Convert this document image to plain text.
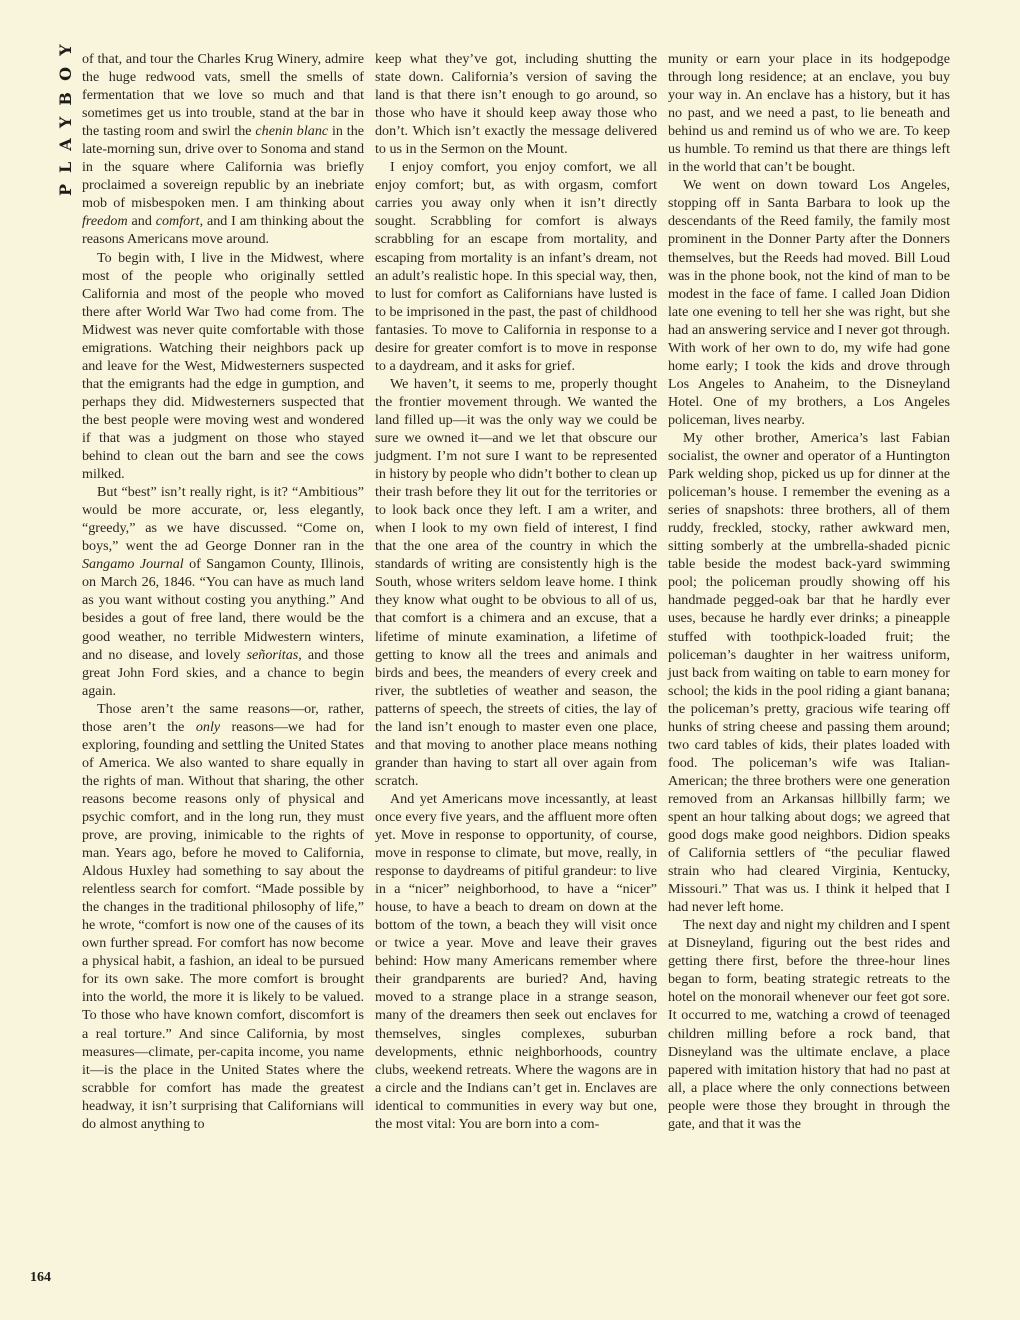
PLAYBOY of that, and tour the Charles Krug Winery, admire the huge redwood vats, smell the smells of fermentation that we love so much and that sometimes get us into trouble, stand at the bar in the tasting room and swirl the chenin blanc in the late-morning sun, drive over to Sonoma and stand in the square where California was briefly proclaimed a sovereign republic by an inebriate mob of misbespoken men. I am thinking about freedom and comfort, and I am thinking about the reasons Americans move around.

To begin with, I live in the Midwest, where most of the people who originally settled California and most of the people who moved there after World War Two had come from. The Midwest was never quite comfortable with those emigrations. Watching their neighbors pack up and leave for the West, Midwesterners suspected that the emigrants had the edge in gumption, and perhaps they did. Midwesterners suspected that the best people were moving west and wondered if that was a judgment on those who stayed behind to clean out the barn and see the cows milked.

But “best” isn’t really right, is it? “Ambitious” would be more accurate, or, less elegantly, “greedy,” as we have discussed. “Come on, boys,” went the ad George Donner ran in the Sangamo Journal of Sangamon County, Illinois, on March 26, 1846. “You can have as much land as you want without costing you anything.” And besides a gout of free land, there would be the good weather, no terrible Midwestern winters, and no disease, and lovely señoritas, and those great John Ford skies, and a chance to begin again.

Those aren’t the same reasons—or, rather, those aren’t the only reasons—we had for exploring, founding and settling the United States of America. We also wanted to share equally in the rights of man. Without that sharing, the other reasons become reasons only of physical and psychic comfort, and in the long run, they must prove, are proving, inimicable to the rights of man. Years ago, before he moved to California, Aldous Huxley had something to say about the relentless search for comfort. “Made possible by the changes in the traditional philosophy of life,” he wrote, “comfort is now one of the causes of its own further spread. For comfort has now become a physical habit, a fashion, an ideal to be pursued for its own sake. The more comfort is brought into the world, the more it is likely to be valued. To those who have known comfort, discomfort is a real torture.” And since California, by most measures—climate, per-capita income, you name it—is the place in the United States where the scrabble for comfort has made the greatest headway, it isn’t surprising that Californians will do almost anything to

keep what they’ve got, including shutting the state down. California’s version of saving the land is that there isn’t enough to go around, so those who have it should keep away those who don’t. Which isn’t exactly the message delivered to us in the Sermon on the Mount.

I enjoy comfort, you enjoy comfort, we all enjoy comfort; but, as with orgasm, comfort carries you away only when it isn’t directly sought. Scrabbling for comfort is always scrabbling for an escape from mortality, and escaping from mortality is an infant’s dream, not an adult’s realistic hope. In this special way, then, to lust for comfort as Californians have lusted is to be imprisoned in the past, the past of childhood fantasies. To move to California in response to a desire for greater comfort is to move in response to a daydream, and it asks for grief.

We haven’t, it seems to me, properly thought the frontier movement through. We wanted the land filled up—it was the only way we could be sure we owned it—and we let that obscure our judgment. I’m not sure I want to be represented in history by people who didn’t bother to clean up their trash before they lit out for the territories or to look back once they left. I am a writer, and when I look to my own field of interest, I find that the one area of the country in which the standards of writing are consistently high is the South, whose writers seldom leave home. I think they know what ought to be obvious to all of us, that comfort is a chimera and an excuse, that a lifetime of minute examination, a lifetime of getting to know all the trees and animals and birds and bees, the meanders of every creek and river, the subtleties of weather and season, the patterns of speech, the streets of cities, the lay of the land isn’t enough to master even one place, and that moving to another place means nothing grander than having to start all over again from scratch.

And yet Americans move incessantly, at least once every five years, and the affluent more often yet. Move in response to opportunity, of course, move in response to climate, but move, really, in response to daydreams of pitiful grandeur: to live in a “nicer” neighborhood, to have a “nicer” house, to have a beach to dream on down at the bottom of the town, a beach they will visit once or twice a year. Move and leave their graves behind: How many Americans remember where their grandparents are buried? And, having moved to a strange place in a strange season, many of the dreamers then seek out enclaves for themselves, singles complexes, suburban developments, ethnic neighborhoods, country clubs, weekend retreats. Where the wagons are in a circle and the Indians can’t get in. Enclaves are identical to communities in every way but one, the most vital: You are born into a com-

munity or earn your place in its hodgepodge through long residence; at an enclave, you buy your way in. An enclave has a history, but it has no past, and we need a past, to lie beneath and behind us and remind us of who we are. To keep us humble. To remind us that there are things left in the world that can’t be bought.

We went on down toward Los Angeles, stopping off in Santa Barbara to look up the descendants of the Reed family, the family most prominent in the Donner Party after the Donners themselves, but the Reeds had moved. Bill Loud was in the phone book, not the kind of man to be modest in the face of fame. I called Joan Didion late one evening to tell her she was right, but she had an answering service and I never got through. With work of her own to do, my wife had gone home early; I took the kids and drove through Los Angeles to Anaheim, to the Disneyland Hotel. One of my brothers, a Los Angeles policeman, lives nearby.

My other brother, America’s last Fabian socialist, the owner and operator of a Huntington Park welding shop, picked us up for dinner at the policeman’s house. I remember the evening as a series of snapshots: three brothers, all of them ruddy, freckled, stocky, rather awkward men, sitting somberly at the umbrella-shaded picnic table beside the modest back-yard swimming pool; the policeman proudly showing off his handmade pegged-oak bar that he hardly ever uses, because he hardly ever drinks; a pineapple stuffed with toothpick-loaded fruit; the policeman’s daughter in her waitress uniform, just back from waiting on table to earn money for school; the kids in the pool riding a giant banana; the policeman’s pretty, gracious wife tearing off hunks of string cheese and passing them around; two card tables of kids, their plates loaded with food. The policeman’s wife was Italian-American; the three brothers were one generation removed from an Arkansas hillbilly farm; we spent an hour talking about dogs; we agreed that good dogs make good neighbors. Didion speaks of California settlers of “the peculiar flawed strain who had cleared Virginia, Kentucky, Missouri.” That was us. I think it helped that I had never left home.

The next day and night my children and I spent at Disneyland, figuring out the best rides and getting there first, before the three-hour lines began to form, beating strategic retreats to the hotel on the monorail whenever our feet got sore. It occurred to me, watching a crowd of teenaged children milling before a rock band, that Disneyland was the ultimate enclave, a place papered with imitation history that had no past at all, a place where the only connections between people were those they brought in through the gate, and that it was the

164
